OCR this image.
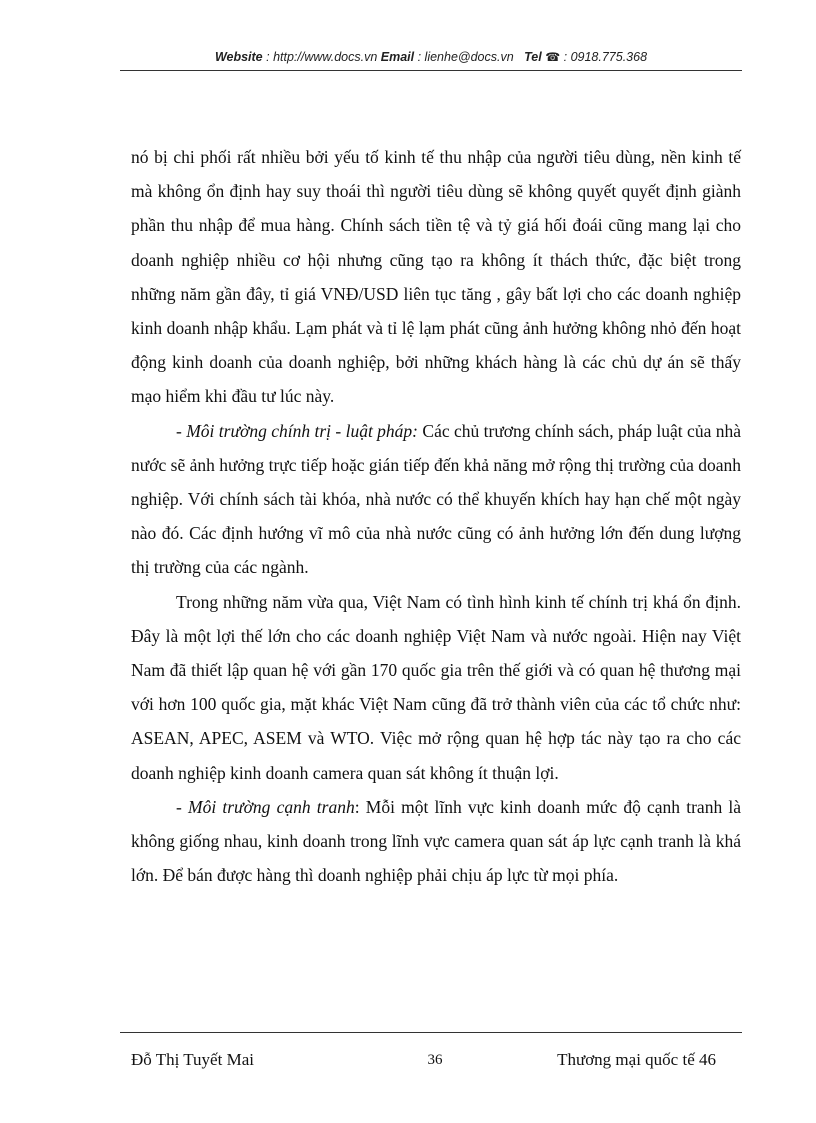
Website : http://www.docs.vn Email : lienhe@docs.vn Tel ☎ : 0918.775.368

nó bị chi phối rất nhiều bởi yếu tố kinh tế thu nhập của người tiêu dùng, nền kinh tế mà không ổn định hay suy thoái thì người tiêu dùng sẽ không quyết quyết định giành phần thu nhập để mua hàng. Chính sách tiền tệ và tỷ giá hối đoái cũng mang lại cho doanh nghiệp nhiều cơ hội nhưng cũng tạo ra không ít thách thức, đặc biệt trong những năm gần đây, tỉ giá VNĐ/USD liên tục tăng , gây bất lợi cho các doanh nghiệp kinh doanh nhập khẩu. Lạm phát và tỉ lệ lạm phát cũng ảnh hưởng không nhỏ đến hoạt động kinh doanh của doanh nghiệp, bởi những khách hàng là các chủ dự án sẽ thấy mạo hiểm khi đầu tư lúc này.

- Môi trường chính trị - luật pháp: Các chủ trương chính sách, pháp luật của nhà nước sẽ ảnh hưởng trực tiếp hoặc gián tiếp đến khả năng mở rộng thị trường của doanh nghiệp. Với chính sách tài khóa, nhà nước có thể khuyến khích hay hạn chế một ngày nào đó. Các định hướng vĩ mô của nhà nước cũng có ảnh hưởng lớn đến dung lượng thị trường của các ngành.

Trong những năm vừa qua, Việt Nam có tình hình kinh tế chính trị khá ổn định. Đây là một lợi thế lớn cho các doanh nghiệp Việt Nam và nước ngoài. Hiện nay Việt Nam đã thiết lập quan hệ với gần 170 quốc gia trên thế giới và có quan hệ thương mại với hơn 100 quốc gia, mặt khác Việt Nam cũng đã trở thành viên của các tổ chức như: ASEAN, APEC, ASEM và WTO. Việc mở rộng quan hệ hợp tác này tạo ra cho các doanh nghiệp kinh doanh camera quan sát không ít thuận lợi.

- Môi trường cạnh tranh: Mỗi một lĩnh vực kinh doanh mức độ cạnh tranh là không giống nhau, kinh doanh trong lĩnh vực camera quan sát áp lực cạnh tranh là khá lớn. Để bán được hàng thì doanh nghiệp phải chịu áp lực từ mọi phía.

Đỗ Thị Tuyết Mai	36	Thương mại quốc tế 46
